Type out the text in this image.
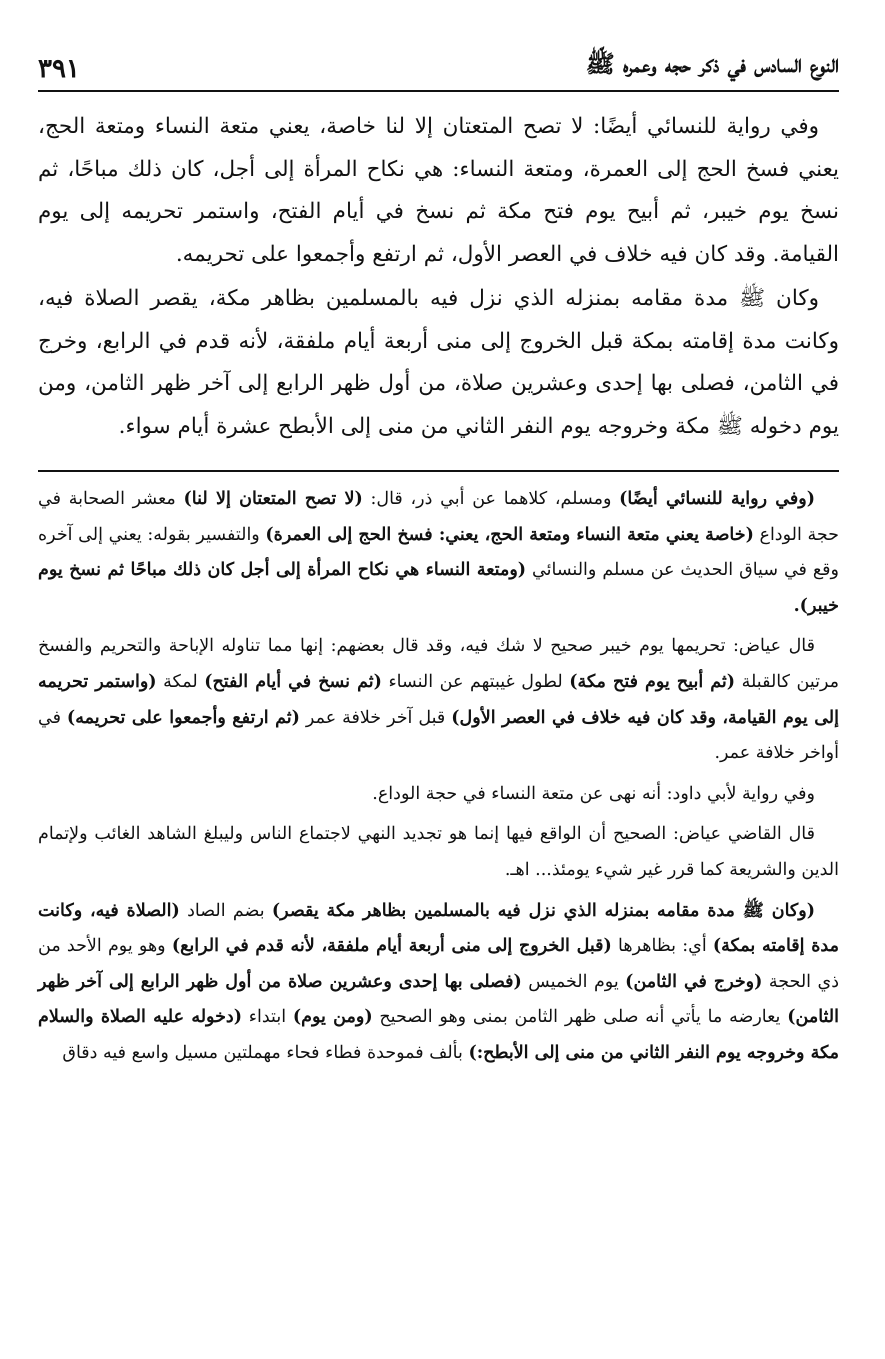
النوع السادس في ذكر حجه وعمره ﷺ
٣٩١

وفي رواية للنسائي أيضًا: لا تصح المتعتان إلا لنا خاصة، يعني متعة النساء ومتعة الحج، يعني فسخ الحج إلى العمرة، ومتعة النساء: هي نكاح المرأة إلى أجل، كان ذلك مباحًا، ثم نسخ يوم خيبر، ثم أبيح يوم فتح مكة ثم نسخ في أيام الفتح، واستمر تحريمه إلى يوم القيامة. وقد كان فيه خلاف في العصر الأول، ثم ارتفع وأجمعوا على تحريمه.

وكان ﷺ مدة مقامه بمنزله الذي نزل فيه بالمسلمين بظاهر مكة، يقصر الصلاة فيه، وكانت مدة إقامته بمكة قبل الخروج إلى منى أربعة أيام ملفقة، لأنه قدم في الرابع، وخرج في الثامن، فصلى بها إحدى وعشرين صلاة، من أول ظهر الرابع إلى آخر ظهر الثامن، ومن يوم دخوله ﷺ مكة وخروجه يوم النفر الثاني من منى إلى الأبطح عشرة أيام سواء.

(وفي رواية للنسائي أيضًا) ومسلم، كلاهما عن أبي ذر، قال: (لا تصح المتعتان إلا لنا) معشر الصحابة في حجة الوداع (خاصة يعني متعة النساء ومتعة الحج، يعني: فسخ الحج إلى العمرة) والتفسير بقوله: يعني إلى آخره وقع في سياق الحديث عن مسلم والنسائي (ومتعة النساء هي نكاح المرأة إلى أجل كان ذلك مباحًا ثم نسخ يوم خيبر).

قال عياض: تحريمها يوم خيبر صحيح لا شك فيه، وقد قال بعضهم: إنها مما تناوله الإباحة والتحريم والفسخ مرتين كالقبلة (ثم أبيح يوم فتح مكة) لطول غيبتهم عن النساء (ثم نسخ في أيام الفتح) لمكة (واستمر تحريمه إلى يوم القيامة، وقد كان فيه خلاف في العصر الأول) قبل آخر خلافة عمر (ثم ارتفع وأجمعوا على تحريمه) في أواخر خلافة عمر.

وفي رواية لأبي داود: أنه نهى عن متعة النساء في حجة الوداع.

قال القاضي عياض: الصحيح أن الواقع فيها إنما هو تجديد النهي لاجتماع الناس وليبلغ الشاهد الغائب ولإتمام الدين والشريعة كما قرر غير شيء يومئذ... اهـ.

(وكان ﷺ مدة مقامه بمنزله الذي نزل فيه بالمسلمين بظاهر مكة يقصر) بضم الصاد (الصلاة فيه، وكانت مدة إقامته بمكة) أي: بظاهرها (قبل الخروج إلى منى أربعة أيام ملفقة، لأنه قدم في الرابع) وهو يوم الأحد من ذي الحجة (وخرج في الثامن) يوم الخميس (فصلى بها إحدى وعشرين صلاة من أول ظهر الرابع إلى آخر ظهر الثامن) يعارضه ما يأتي أنه صلى ظهر الثامن بمنى وهو الصحيح (ومن يوم) ابتداء (دخوله عليه الصلاة والسلام مكة وخروجه يوم النفر الثاني من منى إلى الأبطح:) بألف فموحدة فطاء فحاء مهملتين مسيل واسع فيه دقاق
